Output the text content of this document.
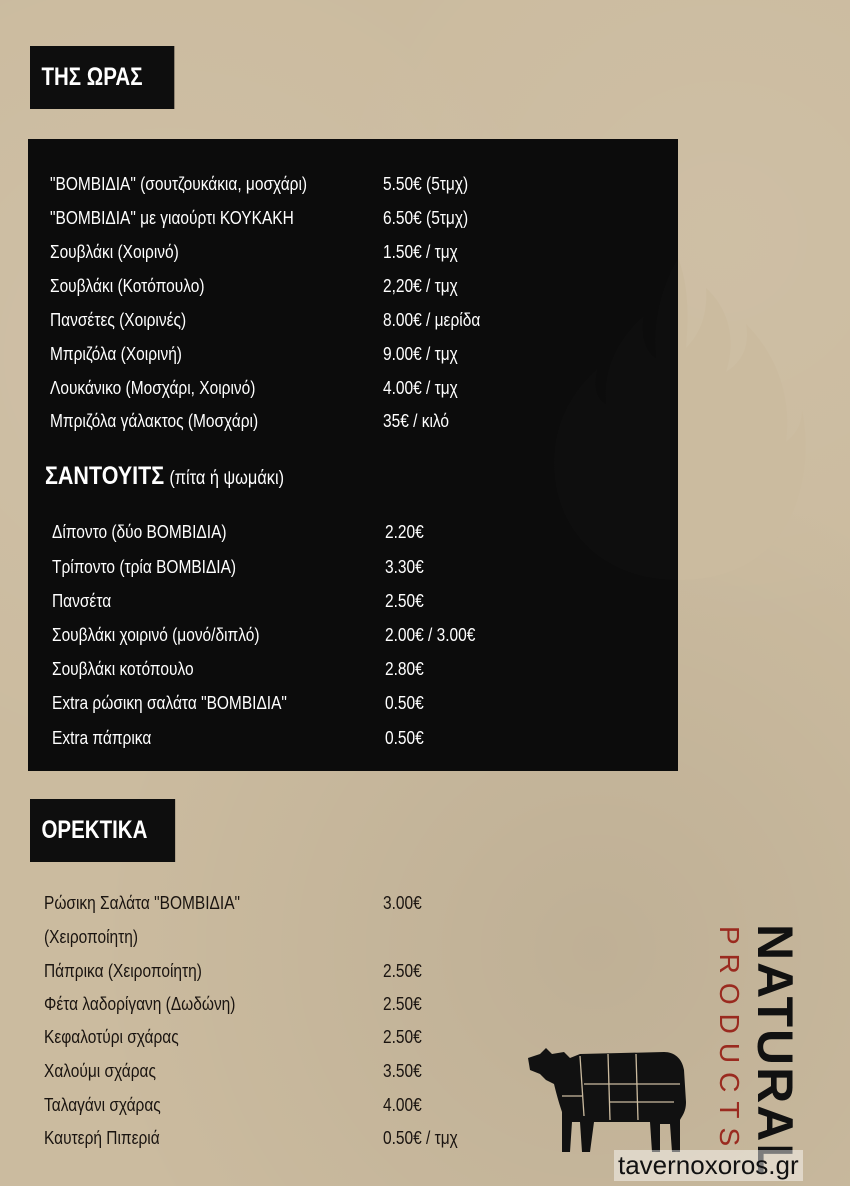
ΤΗΣ ΩΡΑΣ
"ΒΟΜΒΙΔΙΑ" (σουτζουκάκια, μοσχάρι)	5.50€ (5τμχ)
"ΒΟΜΒΙΔΙΑ" με γιαούρτι ΚΟΥΚΑΚΗ	6.50€ (5τμχ)
Σουβλάκι (Χοιρινό)	1.50€ / τμχ
Σουβλάκι (Κοτόπουλο)	2,20€ / τμχ
Πανσέτες (Χοιρινές)	8.00€ / μερίδα
Μπριζόλα (Χοιρινή)	9.00€ / τμχ
Λουκάνικο (Μοσχάρι, Χοιρινό)	4.00€ / τμχ
Μπριζόλα γάλακτος (Μοσχάρι)	35€ / κιλό
ΣΑΝΤΟΥΙΤΣ (πίτα ή ψωμάκι)
Δίποντο (δύο ΒΟΜΒΙΔΙΑ)	2.20€
Τρίποντο (τρία ΒΟΜΒΙΔΙΑ)	3.30€
Πανσέτα	2.50€
Σουβλάκι χοιρινό (μονό/διπλό)	2.00€ / 3.00€
Σουβλάκι κοτόπουλο	2.80€
Extra ρώσικη σαλάτα "ΒΟΜΒΙΔΙΑ"	0.50€
Extra πάπρικα	0.50€
ΟΡΕΚΤΙΚΑ
Ρώσικη Σαλάτα "ΒΟΜΒΙΔΙΑ"	3.00€
(Χειροποίητη)
Πάπρικα (Χειροποίητη)	2.50€
Φέτα λαδορίγανη (Δωδώνη)	2.50€
Κεφαλοτύρι σχάρας	2.50€
Χαλούμι σχάρας	3.50€
Ταλαγάνι σχάρας	4.00€
Καυτερή Πιπεριά	0.50€ / τμχ	NATURAL
PRODUCTS
tavernoxoros.gr
